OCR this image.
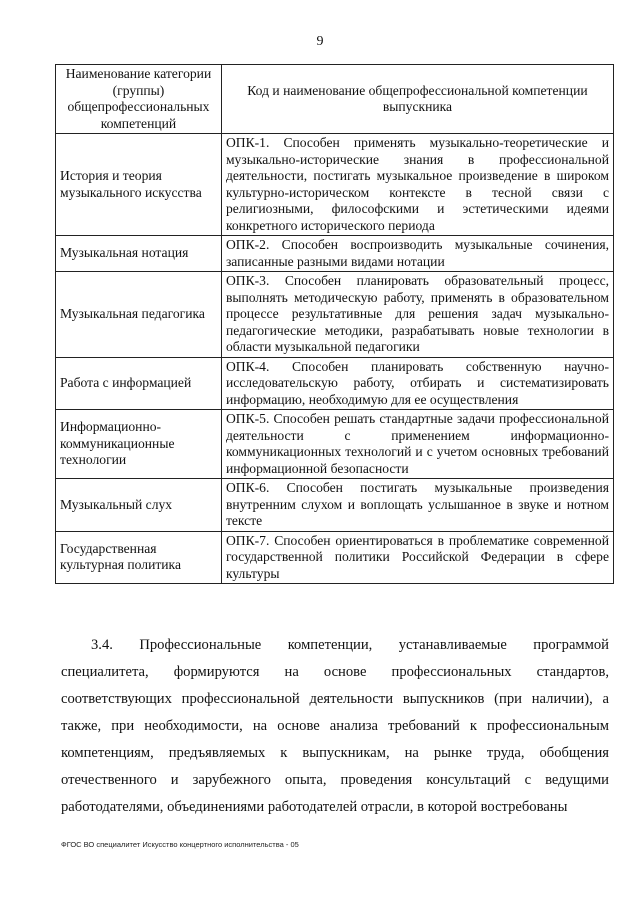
9
Наименование категории (группы) общепрофессиональных компетенций	Код и наименование общепрофессиональной компетенции выпускника
История и теория музыкального искусства	ОПК-1. Способен применять музыкально-теоретические и музыкально-исторические знания в профессиональной деятельности, постигать музыкальное произведение в широком культурно-историческом контексте в тесной связи с религиозными, философскими и эстетическими идеями конкретного исторического периода
Музыкальная нотация	ОПК-2. Способен воспроизводить музыкальные сочинения, записанные разными видами нотации
Музыкальная педагогика	ОПК-3. Способен планировать образовательный процесс, выполнять методическую работу, применять в образовательном процессе результативные для решения задач музыкально-педагогические методики, разрабатывать новые технологии в области музыкальной педагогики
Работа с информацией	ОПК-4. Способен планировать собственную научно-исследовательскую работу, отбирать и систематизировать информацию, необходимую для ее осуществления
Информационно-коммуникационные технологии	ОПК-5. Способен решать стандартные задачи профессиональной деятельности с применением информационно-коммуникационных технологий и с учетом основных требований информационной безопасности
Музыкальный слух	ОПК-6. Способен постигать музыкальные произведения внутренним слухом и воплощать услышанное в звуке и нотном тексте
Государственная культурная политика	ОПК-7. Способен ориентироваться в проблематике современной государственной политики Российской Федерации в сфере культуры
3.4. Профессиональные компетенции, устанавливаемые программой специалитета, формируются на основе профессиональных стандартов, соответствующих профессиональной деятельности выпускников (при наличии), а также, при необходимости, на основе анализа требований к профессиональным компетенциям, предъявляемых к выпускникам, на рынке труда, обобщения отечественного и зарубежного опыта, проведения консультаций с ведущими работодателями, объединениями работодателей отрасли, в которой востребованы
ФГОС ВО специалитет Искусство концертного исполнительства - 05
